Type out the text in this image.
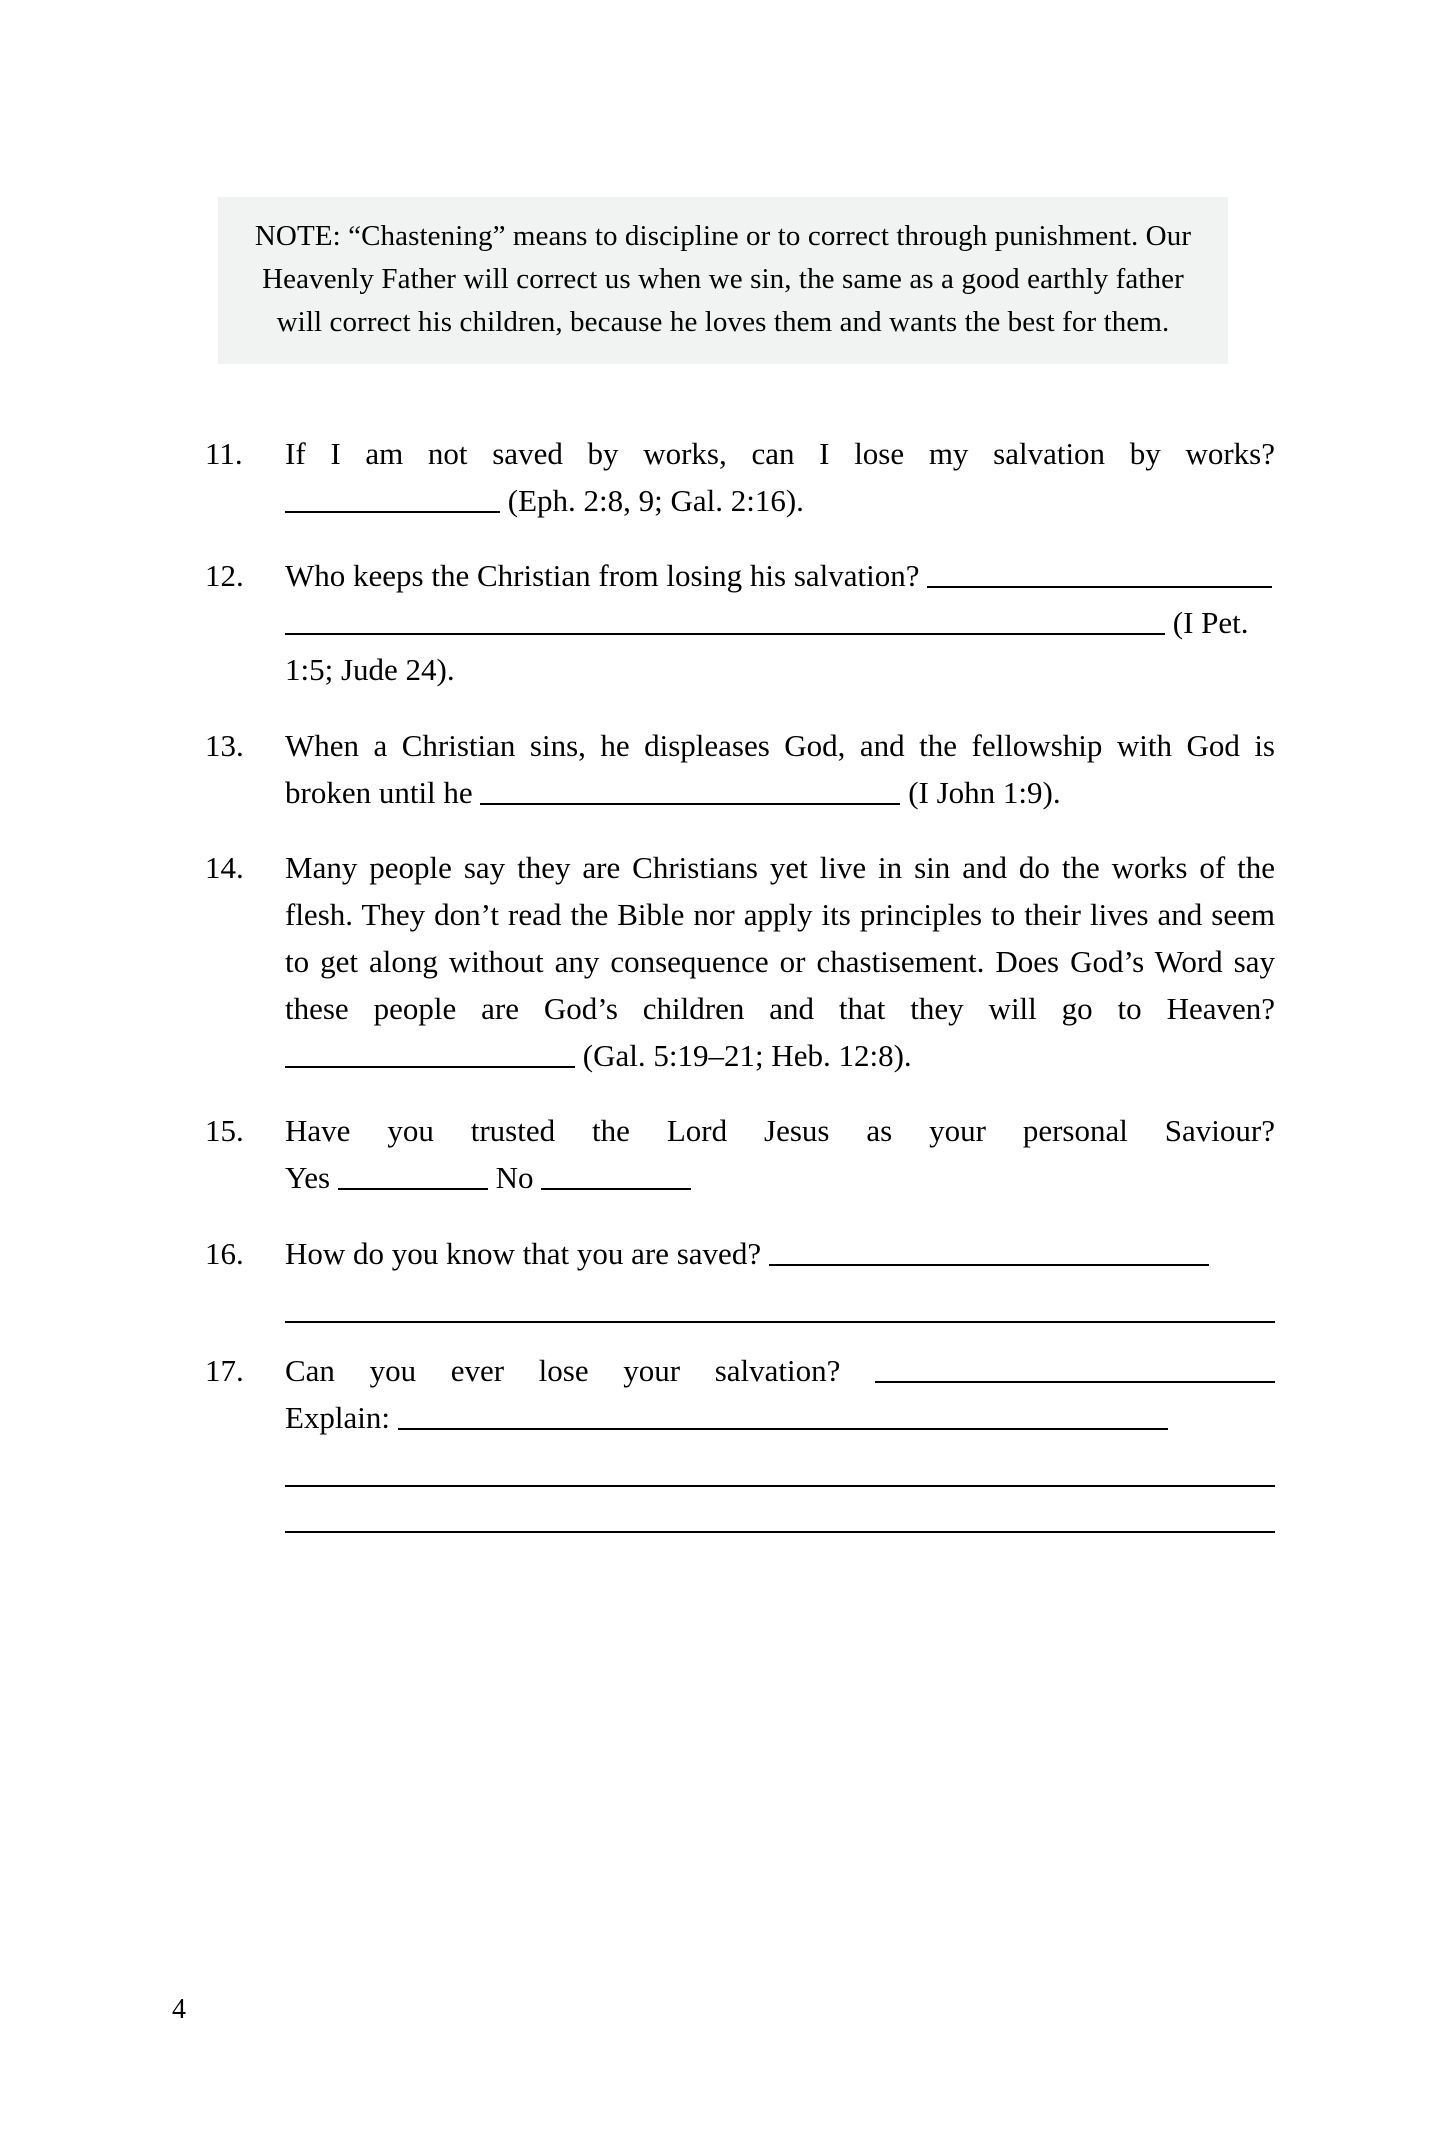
NOTE: “Chastening” means to discipline or to correct through punishment. Our Heavenly Father will correct us when we sin, the same as a good earthly father will correct his children, because he loves them and wants the best for them.
11.	If I am not saved by works, can I lose my salvation by works?
(Eph. 2:8, 9; Gal. 2:16).
12.	Who keeps the Christian from losing his salvation?   (I Pet. 1:5; Jude 24).
13.	When a Christian sins, he displeases God, and the fellowship with God is broken until he	(I John 1:9).
14.	Many people say they are Christians yet live in sin and do the works of the flesh. They don’t read the Bible nor apply its principles to their lives and seem to get along without any consequence or chastisement. Does God’s Word say these people are God’s children and that they will go to Heaven?  (Gal. 5:19–21; Heb. 12:8).
15.	Have you trusted the Lord Jesus as your personal Saviour?
Yes	No
16.	How do you know that you are saved?
17.	Can you ever lose your salvation?
Explain:
4
